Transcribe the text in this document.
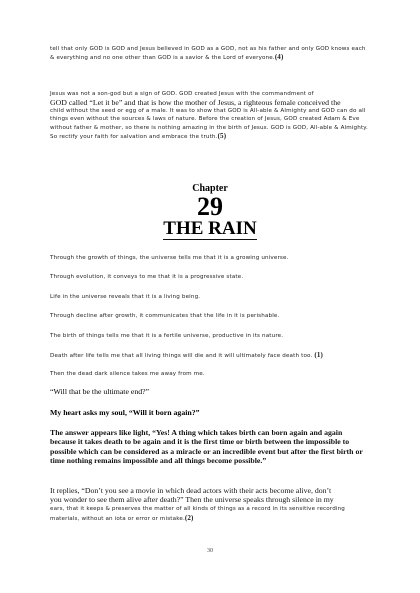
tell that only GOD is GOD and Jesus believed in GOD as a GOD, not as his father and only GOD knows each & everything and no one other than GOD is a savior & the Lord of everyone.(4)

Jesus was not a son-god but a sign of GOD. GOD created Jesus with the commandment of

GOD called “Let it be” and that is how the mother of Jesus, a righteous female conceived the

child without the seed or egg of a male. It was to show that GOD is All-able & Almighty and GOD can do all things even without the sources & laws of nature. Before the creation of Jesus, GOD created Adam & Eve without father & mother, so there is nothing amazing in the birth of Jesus. GOD is GOD, All-able & Almighty. So rectify your faith for salvation and embrace the truth.(5)

Chapter
29
THE RAIN
Through the growth of things, the universe tells me that it is a growing universe.
Through evolution, it conveys to me that it is a progressive state.
Life in the universe reveals that it is a living being.
Through decline after growth, it communicates that the life in it is perishable.
The birth of things tells me that it is a fertile universe, productive in its nature.
Death after life tells me that all living things will die and it will ultimately face death too. (1)
Then the dead dark silence takes me away from me.
“Will that be the ultimate end?”
My heart asks my soul, “Will it born again?”

The answer appears like light, “Yes! A thing which takes birth can born again and again because it takes death to be again and it is the first time or birth between the impossible to possible which can be considered as a miracle or an incredible event but after the first birth or time nothing remains impossible and all things become possible.”

It replies, “Don’t you see a movie in which dead actors with their acts become alive, don’t

you wonder to see them alive after death?” Then the universe speaks through silence in my

ears, that it keeps & preserves the matter of all kinds of things as a record in its sensitive recording materials, without an iota or error or mistake.(2)

30
